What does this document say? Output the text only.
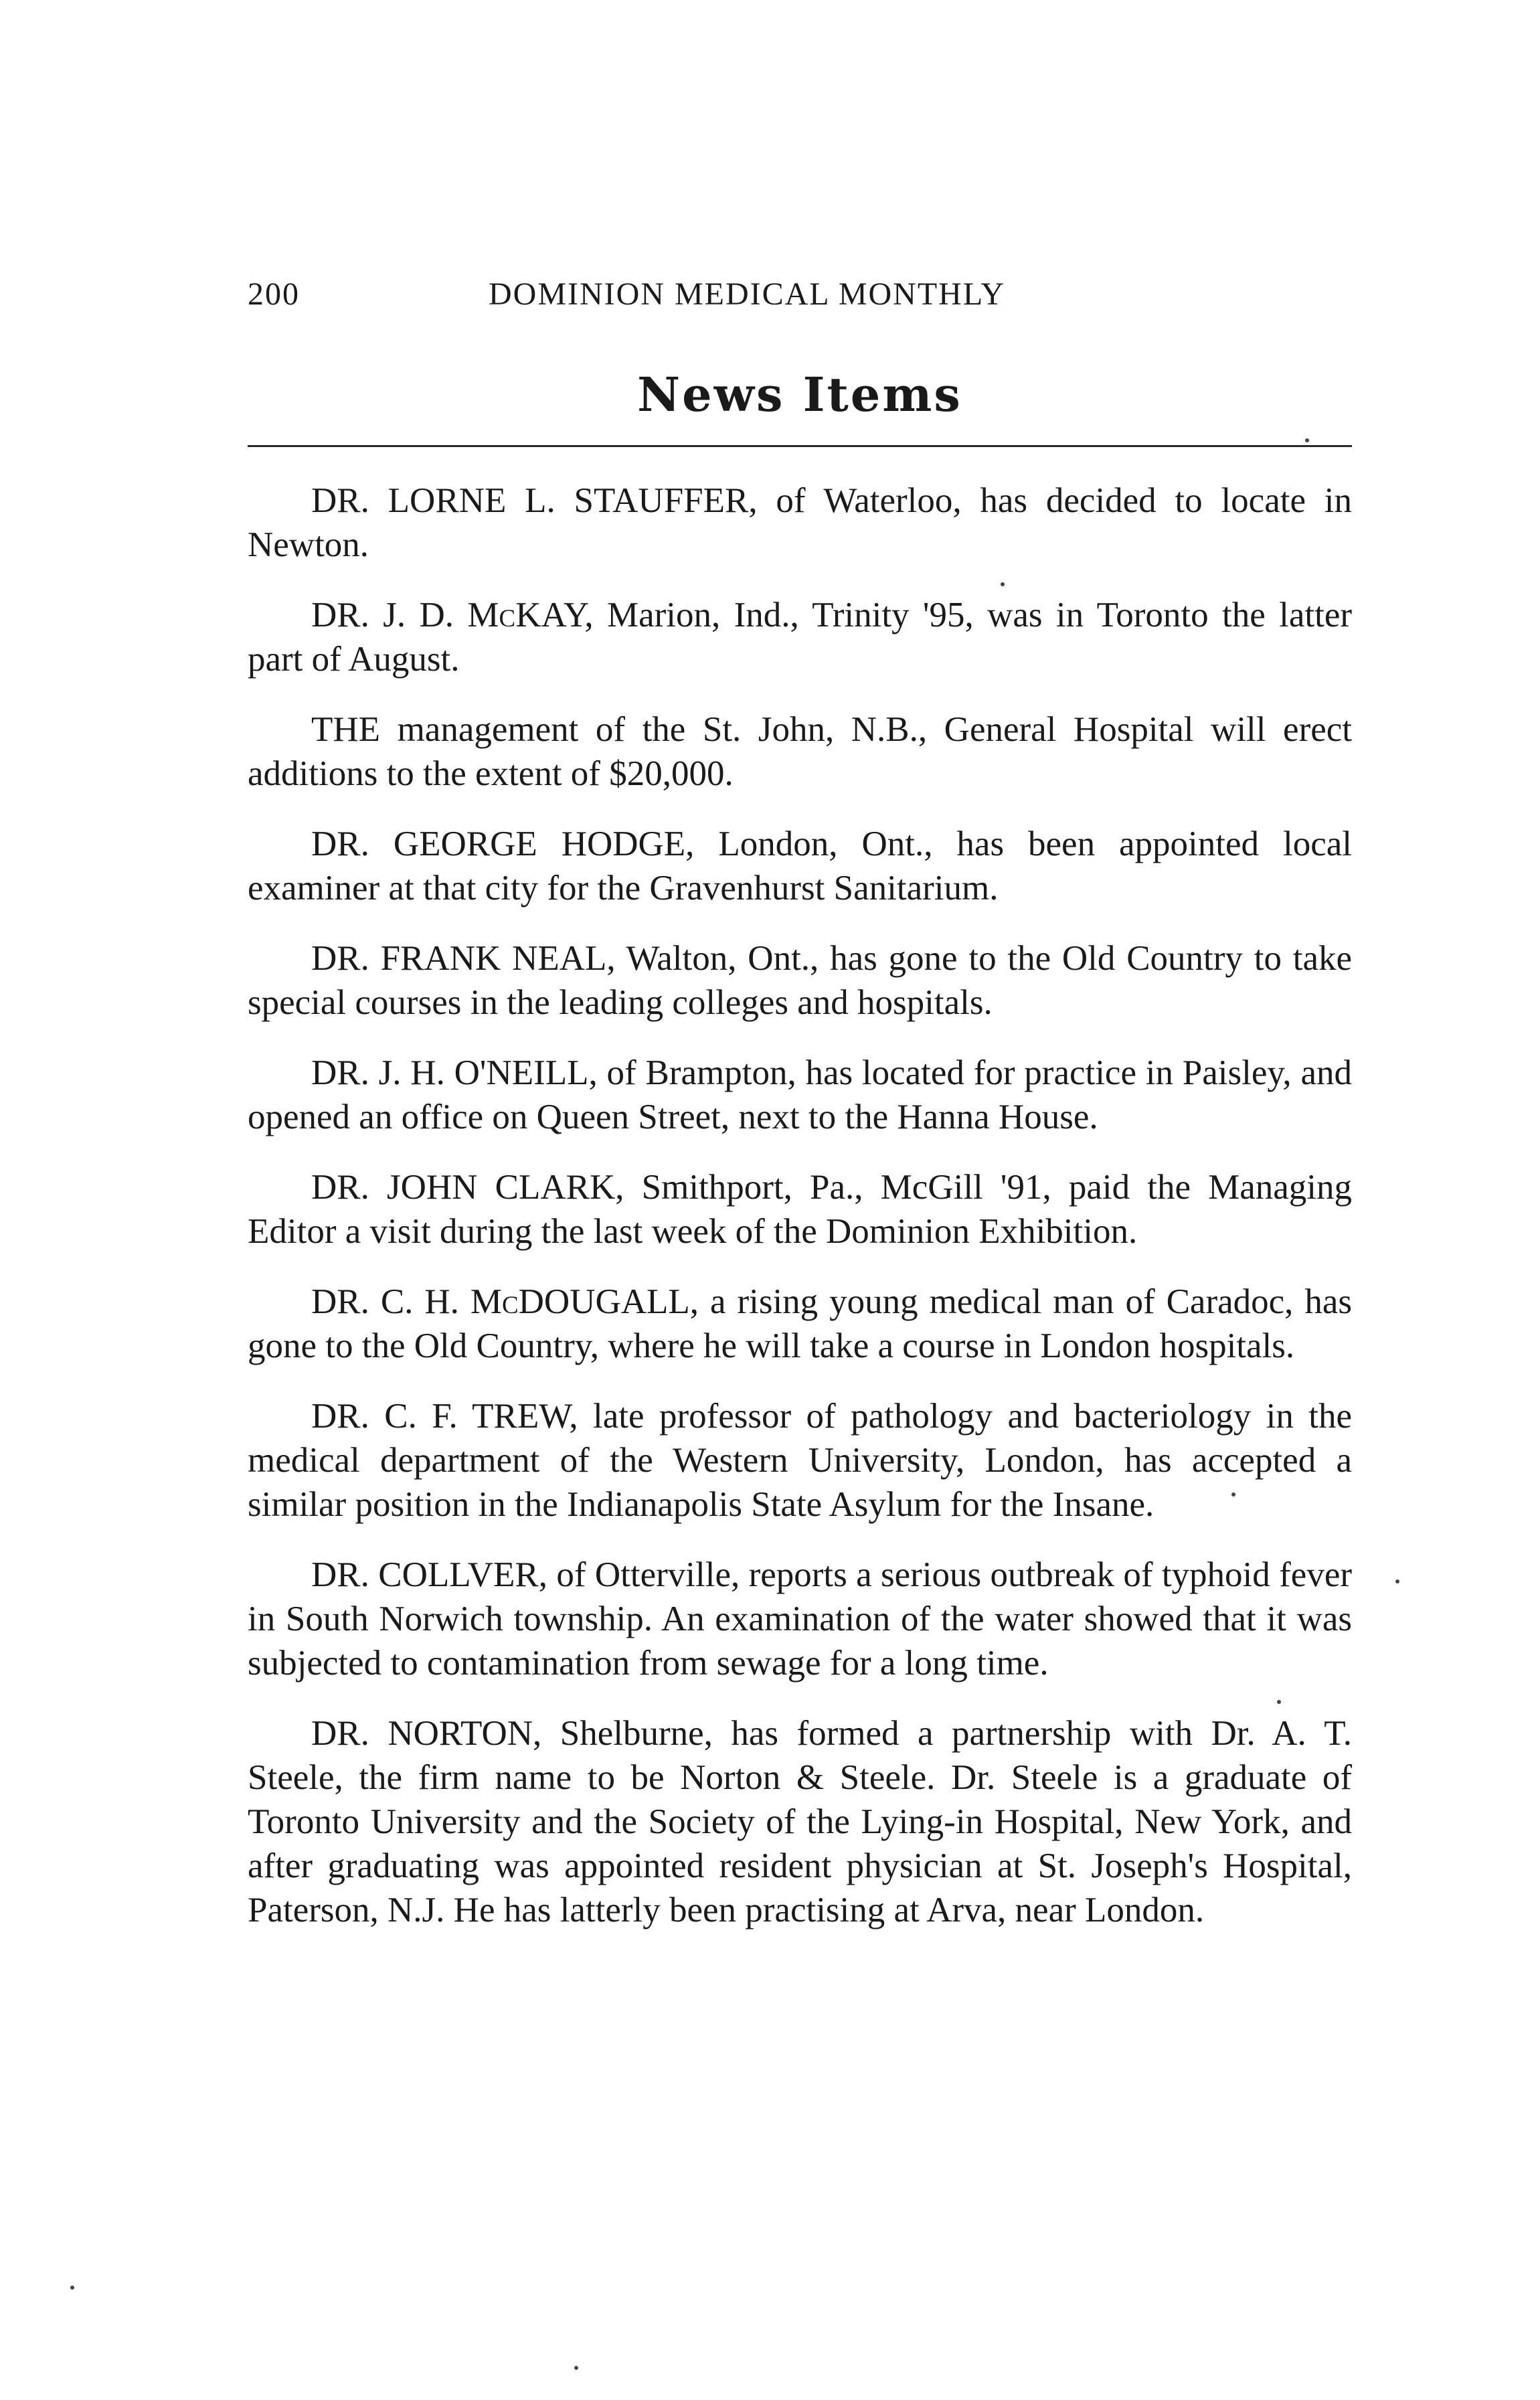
200	DOMINION MEDICAL MONTHLY
News Items

DR. LORNE L. STAUFFER, of Waterloo, has decided to locate in Newton.

DR. J. D. McKAY, Marion, Ind., Trinity '95, was in Toronto the latter part of August.

THE management of the St. John, N.B., General Hospital will erect additions to the extent of $20,000.

DR. GEORGE HODGE, London, Ont., has been appointed local examiner at that city for the Gravenhurst Sanitarium.

DR. FRANK NEAL, Walton, Ont., has gone to the Old Country to take special courses in the leading colleges and hospitals.

DR. J. H. O'NEILL, of Brampton, has located for practice in Paisley, and opened an office on Queen Street, next to the Hanna House.

DR. JOHN CLARK, Smithport, Pa., McGill '91, paid the Managing Editor a visit during the last week of the Dominion Exhibition.

DR. C. H. McDOUGALL, a rising young medical man of Caradoc, has gone to the Old Country, where he will take a course in London hospitals.

DR. C. F. TREW, late professor of pathology and bacteriology in the medical department of the Western University, London, has accepted a similar position in the Indianapolis State Asylum for the Insane.

DR. COLLVER, of Otterville, reports a serious outbreak of typhoid fever in South Norwich township. An examination of the water showed that it was subjected to contamination from sewage for a long time.

DR. NORTON, Shelburne, has formed a partnership with Dr. A. T. Steele, the firm name to be Norton & Steele. Dr. Steele is a graduate of Toronto University and the Society of the Lying-in Hospital, New York, and after graduating was appointed resident physician at St. Joseph's Hospital, Paterson, N.J. He has latterly been practising at Arva, near London.
